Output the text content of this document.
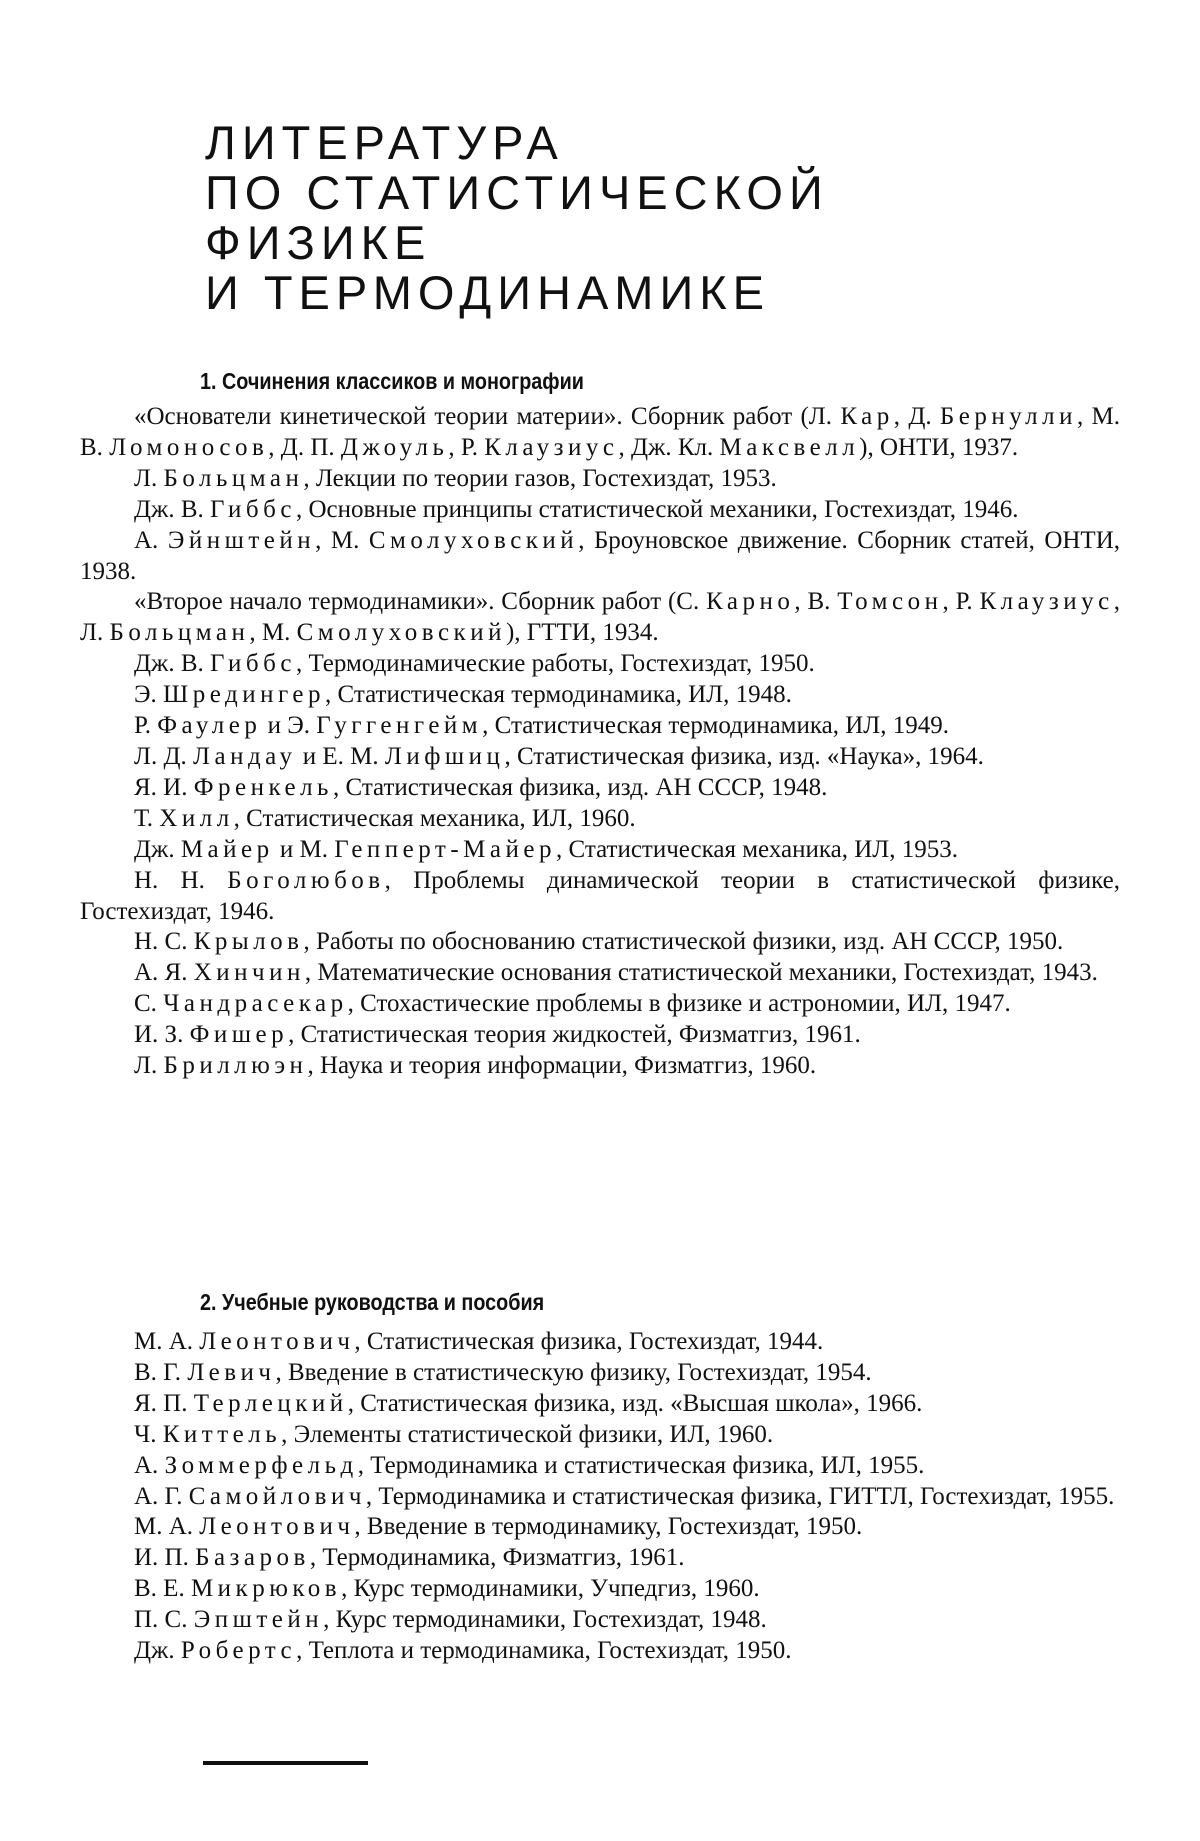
ЛИТЕРАТУРА
ПО СТАТИСТИЧЕСКОЙ
ФИЗИКЕ
И ТЕРМОДИНАМИКЕ
1. Сочинения классиков и монографии

«Основатели кинетической теории материи». Сборник работ (Л. Кар, Д. Бернулли, М. В. Ломоносов, Д. П. Джоуль, Р. Клаузиус, Дж. Кл. Максвелл), ОНТИ, 1937.

Л. Больцман, Лекции по теории газов, Гостехиздат, 1953.

Дж. В. Гиббс, Основные принципы статистической механики, Гостехиздат, 1946.

А. Эйнштейн, М. Смолуховский, Броуновское движение. Сборник статей, ОНТИ, 1938.

«Второе начало термодинамики». Сборник работ (С. Карно, В. Томсон, Р. Клаузиус, Л. Больцман, М. Смолуховский), ГТТИ, 1934.

Дж. В. Гиббс, Термодинамические работы, Гостехиздат, 1950.

Э. Шредингер, Статистическая термодинамика, ИЛ, 1948.

Р. Фаулер и Э. Гуггенгейм, Статистическая термодинамика, ИЛ, 1949.

Л. Д. Ландау и Е. М. Лифшиц, Статистическая физика, изд. «Наука», 1964.

Я. И. Френкель, Статистическая физика, изд. АН СССР, 1948.

Т. Хилл, Статистическая механика, ИЛ, 1960.

Дж. Майер и М. Гепперт-Майер, Статистическая механика, ИЛ, 1953.

Н. Н. Боголюбов, Проблемы динамической теории в статистической физике, Гостехиздат, 1946.

Н. С. Крылов, Работы по обоснованию статистической физики, изд. АН СССР, 1950.

А. Я. Хинчин, Математические основания статистической механики, Гостехиздат, 1943.

С. Чандрасекар, Стохастические проблемы в физике и астрономии, ИЛ, 1947.

И. З. Фишер, Статистическая теория жидкостей, Физматгиз, 1961.

Л. Бриллюэн, Наука и теория информации, Физматгиз, 1960.

2. Учебные руководства и пособия

М. А. Леонтович, Статистическая физика, Гостехиздат, 1944.

В. Г. Левич, Введение в статистическую физику, Гостехиздат, 1954.

Я. П. Терлецкий, Статистическая физика, изд. «Высшая школа», 1966.

Ч. Киттель, Элементы статистической физики, ИЛ, 1960.

А. Зоммерфельд, Термодинамика и статистическая физика, ИЛ, 1955.

А. Г. Самойлович, Термодинамика и статистическая физика, ГИТТЛ, Гостехиздат, 1955.

М. А. Леонтович, Введение в термодинамику, Гостехиздат, 1950.

И. П. Базаров, Термодинамика, Физматгиз, 1961.

В. Е. Микрюков, Курс термодинамики, Учпедгиз, 1960.

П. С. Эпштейн, Курс термодинамики, Гостехиздат, 1948.

Дж. Робертс, Теплота и термодинамика, Гостехиздат, 1950.
